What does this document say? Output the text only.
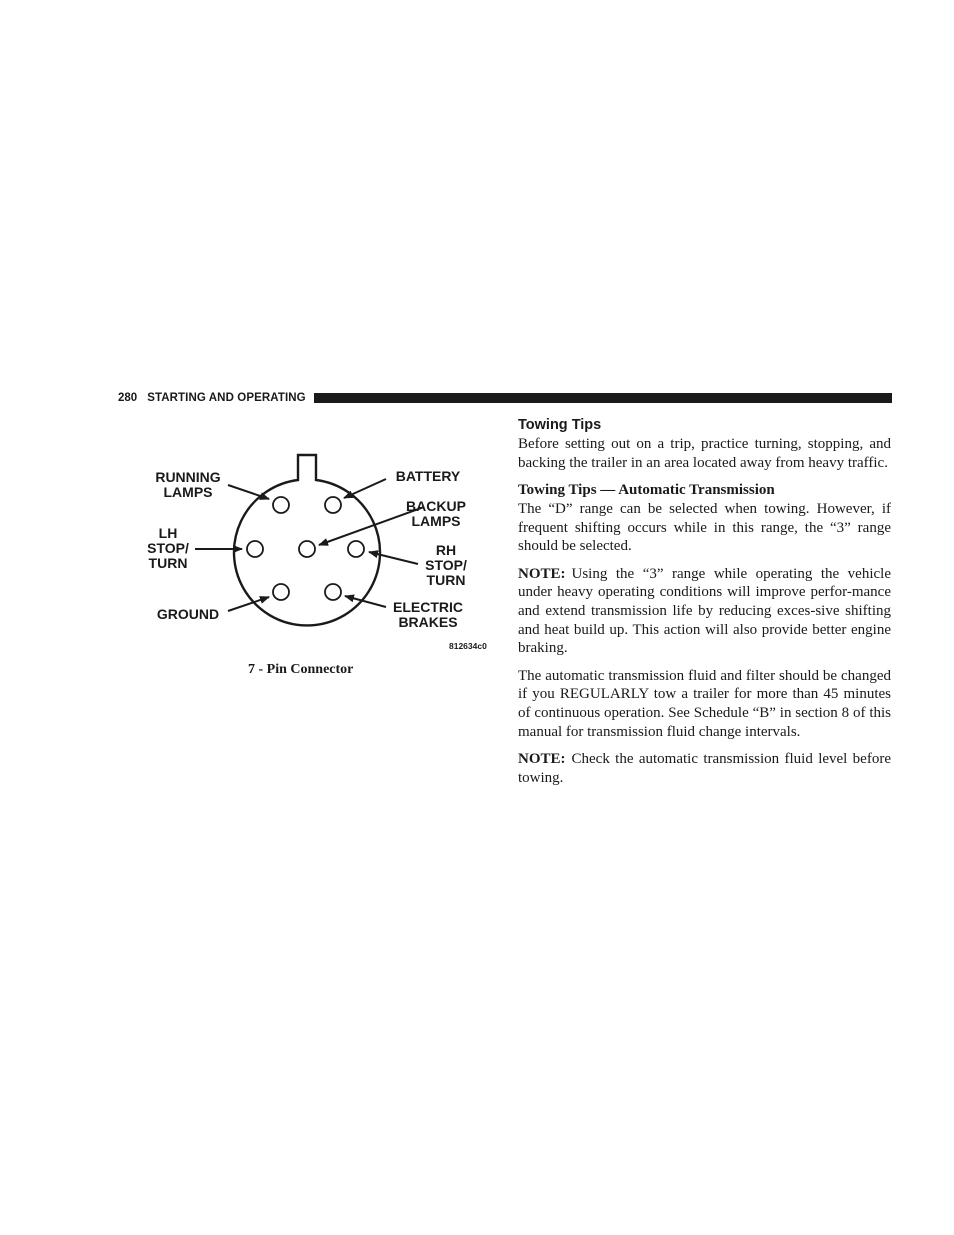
280 STARTING AND OPERATING
RUNNING
LAMPS
BATTERY
BACKUP
LAMPS
LH
STOP/
TURN
RH
STOP/
TURN
GROUND	ELECTRIC
BRAKES
812634c0
7 - Pin Connector
Towing Tips

Before setting out on a trip, practice turning, stopping, and backing the trailer in an area located away from heavy traffic.

Towing Tips — Automatic Transmission

The “D” range can be selected when towing. However, if frequent shifting occurs while in this range, the “3” range should be selected.

NOTE: Using the “3” range while operating the vehicle under heavy operating conditions will improve perfor-mance and extend transmission life by reducing exces-sive shifting and heat build up. This action will also provide better engine braking.

The automatic transmission fluid and filter should be changed if you REGULARLY tow a trailer for more than 45 minutes of continuous operation. See Schedule “B” in section 8 of this manual for transmission fluid change intervals.

NOTE: Check the automatic transmission fluid level before towing.
